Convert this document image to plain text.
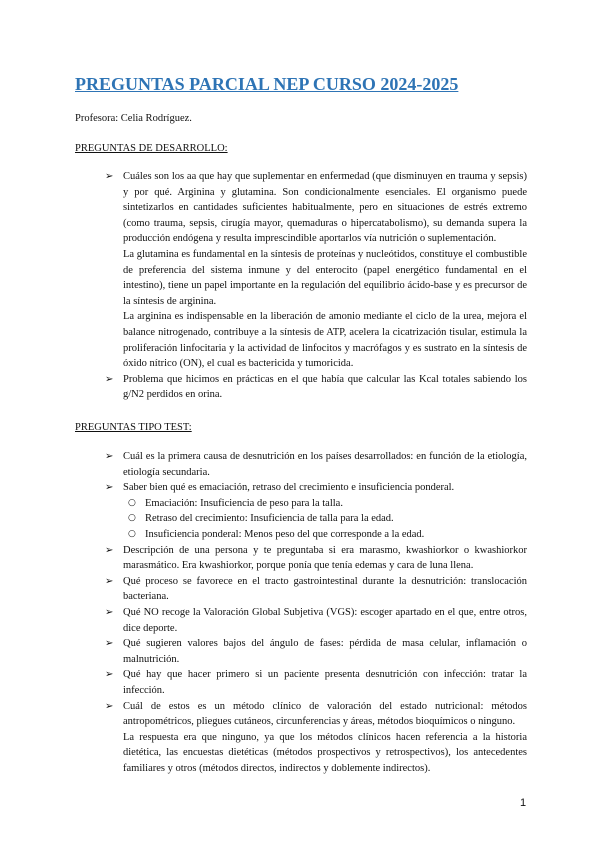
PREGUNTAS PARCIAL NEP CURSO 2024-2025
Profesora: Celia Rodríguez.
PREGUNTAS DE DESARROLLO:
➢ Cuáles son los aa que hay que suplementar en enfermedad (que disminuyen en trauma y sepsis) y por qué. Arginina y glutamina. Son condicionalmente esenciales. El organismo puede sintetizarlos en cantidades suficientes habitualmente, pero en situaciones de estrés extremo (como trauma, sepsis, cirugía mayor, quemaduras o hipercatabolismo), su demanda supera la producción endógena y resulta imprescindible aportarlos vía nutrición o suplementación.

La glutamina es fundamental en la síntesis de proteínas y nucleótidos, constituye el combustible de preferencia del sistema inmune y del enterocito (papel energético fundamental en el intestino), tiene un papel importante en la regulación del equilibrio ácido-base y es precursor de la síntesis de arginina.

La arginina es indispensable en la liberación de amonio mediante el ciclo de la urea, mejora el balance nitrogenado, contribuye a la síntesis de ATP, acelera la cicatrización tisular, estimula la proliferación linfocitaria y la actividad de linfocitos y macrófagos y es sustrato en la síntesis de óxido nítrico (ON), el cual es bactericida y tumoricida.

➢ Problema que hicimos en prácticas en el que había que calcular las Kcal totales sabiendo los g/N2 perdidos en orina.

PREGUNTAS TIPO TEST:
➢ Cuál es la primera causa de desnutrición en los países desarrollados: en función de la etiología, etiología secundaria.

➢ Saber bien qué es emaciación, retraso del crecimiento e insuficiencia ponderal.

○ Emaciación: Insuficiencia de peso para la talla.
○ Retraso del crecimiento: Insuficiencia de talla para la edad.
○ Insuficiencia ponderal: Menos peso del que corresponde a la edad.
➢ Descripción de una persona y te preguntaba si era marasmo, kwashiorkor o kwashiorkor marasmático. Era kwashiorkor, porque ponía que tenía edemas y cara de luna llena.

➢ Qué proceso se favorece en el tracto gastrointestinal durante la desnutrición: translocación bacteriana.

➢ Qué NO recoge la Valoración Global Subjetiva (VGS): escoger apartado en el que, entre otros, dice deporte.

➢ Qué sugieren valores bajos del ángulo de fases: pérdida de masa celular, inflamación o malnutrición.

➢ Qué hay que hacer primero si un paciente presenta desnutrición con infección: tratar la infección.

➢ Cuál de estos es un método clínico de valoración del estado nutricional: métodos antropométricos, pliegues cutáneos, circunferencias y áreas, métodos bioquímicos o ninguno.

La respuesta era que ninguno, ya que los métodos clínicos hacen referencia a la historia dietética, las encuestas dietéticas (métodos prospectivos y retrospectivos), los antecedentes familiares y otros (métodos directos, indirectos y doblemente indirectos).

1
